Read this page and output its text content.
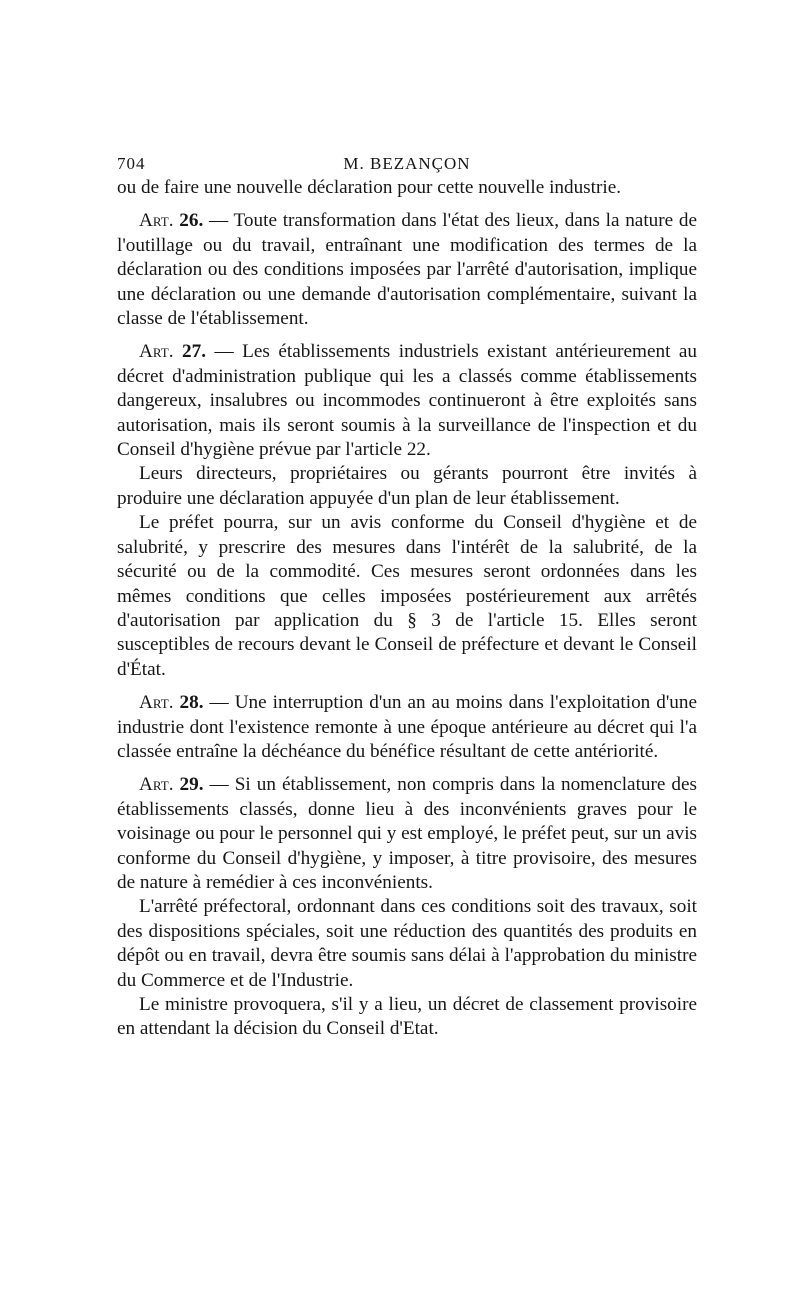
704	M. BEZANÇON

ou de faire une nouvelle déclaration pour cette nouvelle industrie.

Art. 26. — Toute transformation dans l'état des lieux, dans la nature de l'outillage ou du travail, entraînant une modification des termes de la déclaration ou des conditions imposées par l'arrêté d'autorisation, implique une déclaration ou une demande d'autorisation complémentaire, suivant la classe de l'établissement.

Art. 27. — Les établissements industriels existant antérieurement au décret d'administration publique qui les a classés comme établissements dangereux, insalubres ou incommodes continueront à être exploités sans autorisation, mais ils seront soumis à la surveillance de l'inspection et du Conseil d'hygiène prévue par l'article 22.

Leurs directeurs, propriétaires ou gérants pourront être invités à produire une déclaration appuyée d'un plan de leur établissement.

Le préfet pourra, sur un avis conforme du Conseil d'hygiène et de salubrité, y prescrire des mesures dans l'intérêt de la salubrité, de la sécurité ou de la commodité. Ces mesures seront ordonnées dans les mêmes conditions que celles imposées postérieurement aux arrêtés d'autorisation par application du § 3 de l'article 15. Elles seront susceptibles de recours devant le Conseil de préfecture et devant le Conseil d'État.

Art. 28. — Une interruption d'un an au moins dans l'exploitation d'une industrie dont l'existence remonte à une époque antérieure au décret qui l'a classée entraîne la déchéance du bénéfice résultant de cette antériorité.

Art. 29. — Si un établissement, non compris dans la nomenclature des établissements classés, donne lieu à des inconvénients graves pour le voisinage ou pour le personnel qui y est employé, le préfet peut, sur un avis conforme du Conseil d'hygiène, y imposer, à titre provisoire, des mesures de nature à remédier à ces inconvénients.

L'arrêté préfectoral, ordonnant dans ces conditions soit des travaux, soit des dispositions spéciales, soit une réduction des quantités des produits en dépôt ou en travail, devra être soumis sans délai à l'approbation du ministre du Commerce et de l'Industrie.

Le ministre provoquera, s'il y a lieu, un décret de classement provisoire en attendant la décision du Conseil d'Etat.
